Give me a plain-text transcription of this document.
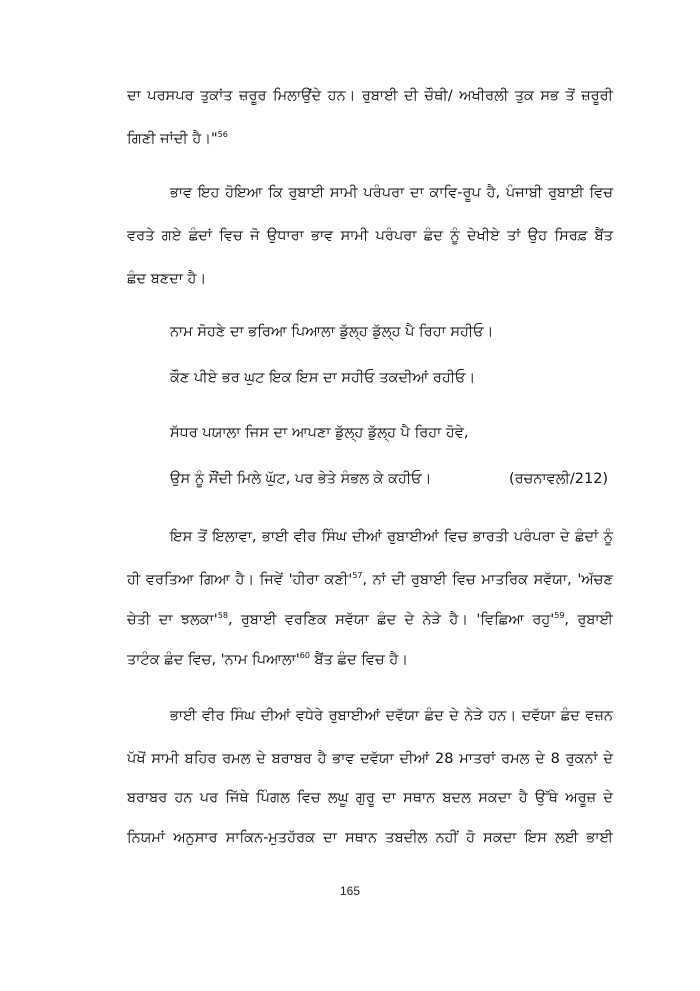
ਦਾ ਪਰਸਪਰ ਤੁਕਾਂਤ ਜ਼ਰੂਰ ਮਿਲਾਉਂਦੇ ਹਨ। ਰੁਬਾਈ ਦੀ ਚੌਥੀ/ ਅਖੀਰਲੀ ਤੁਕ ਸਭ ਤੋਂ ਜ਼ਰੂਰੀ
ਗਿਣੀ ਜਾਂਦੀ ਹੈ।"$^{56}$
ਭਾਵ ਇਹ ਹੋਇਆ ਕਿ ਰੁਬਾਈ ਸਾਮੀ ਪਰੰਪਰਾ ਦਾ ਕਾਵਿ-ਰੂਪ ਹੈ, ਪੰਜਾਬੀ ਰੁਬਾਈ ਵਿਚ
ਵਰਤੇ ਗਏ ਛੰਦਾਂ ਵਿਚ ਜੋ ਉਧਾਰਾ ਭਾਵ ਸਾਮੀ ਪਰੰਪਰਾ ਛੰਦ ਨੂੰ ਦੇਖੀਏ ਤਾਂ ਉਹ ਸਿਰਫ਼ ਬੈਂਤ
ਛੰਦ ਬਣਦਾ ਹੈ।
ਨਾਮ ਸੋਹਣੇ ਦਾ ਭਰਿਆ ਪਿਆਲਾ ਡੁੱਲ੍ਹ ਡੁੱਲ੍ਹ ਪੈ ਰਿਹਾ ਸਹੀਓ।
ਕੌਣ ਪੀਏ ਭਰ ਘੁਟ ਇਕ ਇਸ ਦਾ ਸਹੀਓ ਤਕਦੀਆਂ ਰਹੀਓ।
ਸੱਧਰ ਪਯਾਲਾ ਜਿਸ ਦਾ ਆਪਣਾ ਡੁੱਲ੍ਹ ਡੁੱਲ੍ਹ ਪੈ ਰਿਹਾ ਹੋਵੇ,
ਉਸ ਨੂੰ ਸੌਂਦੀ ਮਿਲੇ ਘੁੱਟ, ਪਰ ਭੇਤੇ ਸੰਭਲ ਕੇ ਕਹੀਓ।	(ਰਚਨਾਵਲੀ/212)
ਇਸ ਤੋਂ ਇਲਾਵਾ, ਭਾਈ ਵੀਰ ਸਿੰਘ ਦੀਆਂ ਰੁਬਾਈਆਂ ਵਿਚ ਭਾਰਤੀ ਪਰੰਪਰਾ ਦੇ ਛੰਦਾਂ ਨੂੰ
ਹੀ ਵਰਤਿਆ ਗਿਆ ਹੈ। ਜਿਵੇਂ 'ਹੀਰਾ $ਕਣੀ'^{57}$, ਨਾਂ ਦੀ ਰੁਬਾਈ ਵਿਚ ਮਾਤਰਿਕ ਸਵੱਯਾ, 'ਅੱਚਣ
ਚੇਤੀ ਦਾ $ਝਲਕਾ'^{58}$, ਰੁਬਾਈ ਵਰਣਿਕ ਸਵੱਯਾ ਛੰਦ ਦੇ ਨੇੜੇ ਹੈ। 'ਵਿਛਿਆ $ਰਹੁ'^{59}$, ਰੁਬਾਈ
ਤਾਟੰਕ ਛੰਦ ਵਿਚ, 'ਨਾਮ $ਪਿਆਲਾ'^{60}$ ਬੈਂਤ ਛੰਦ ਵਿਚ ਹੈ।
ਭਾਈ ਵੀਰ ਸਿੰਘ ਦੀਆਂ ਵਧੇਰੇ ਰੁਬਾਈਆਂ ਦਵੱਯਾ ਛੰਦ ਦੇ ਨੇੜੇ ਹਨ। ਦਵੱਯਾ ਛੰਦ ਵਜ਼ਨ
ਪੱਖੋਂ ਸਾਮੀ ਬਹਿਰ ਰਮਲ ਦੇ ਬਰਾਬਰ ਹੈ ਭਾਵ ਦਵੱਯਾ ਦੀਆਂ 28 ਮਾਤਰਾਂ ਰਮਲ ਦੇ 8 ਰੁਕਨਾਂ ਦੇ
ਬਰਾਬਰ ਹਨ ਪਰ ਜਿੱਥੇ ਪਿੰਗਲ ਵਿਚ ਲਘੂ ਗੁਰੂ ਦਾ ਸਥਾਨ ਬਦਲ ਸਕਦਾ ਹੈ ਉੱਥੇ ਅਰੂਜ਼ ਦੇ
ਨਿਯਮਾਂ ਅਨੁਸਾਰ ਸਾਕਿਨ-ਮੁਤਹੱਰਕ ਦਾ ਸਥਾਨ ਤਬਦੀਲ ਨਹੀਂ ਹੋ ਸਕਦਾ ਇਸ ਲਈ ਭਾਈ
165
